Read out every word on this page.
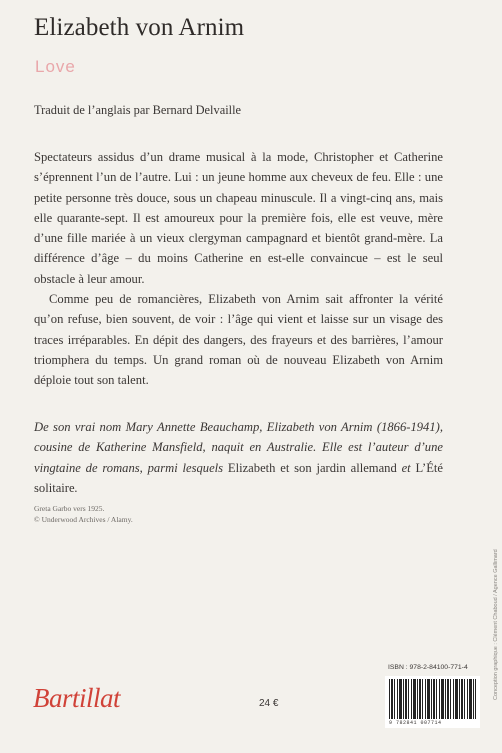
Elizabeth von Arnim
Love
Traduit de l’anglais par Bernard Delvaille

Spectateurs assidus d’un drame musical à la mode, Christopher et Catherine s’éprennent l’un de l’autre. Lui : un jeune homme aux cheveux de feu. Elle : une petite personne très douce, sous un chapeau minuscule. Il a vingt-cinq ans, mais elle quarante-sept. Il est amoureux pour la première fois, elle est veuve, mère d’une fille mariée à un vieux clergyman campagnard et bientôt grand-mère. La différence d’âge – du moins Catherine en est-elle convaincue – est le seul obstacle à leur amour.

Comme peu de romancières, Elizabeth von Arnim sait affronter la vérité qu’on refuse, bien souvent, de voir : l’âge qui vient et laisse sur un visage des traces irréparables. En dépit des dangers, des frayeurs et des barrières, l’amour triomphera du temps. Un grand roman où de nouveau Elizabeth von Arnim déploie tout son talent.

De son vrai nom Mary Annette Beauchamp, Elizabeth von Arnim (1866-1941), cousine de Katherine Mansfield, naquit en Australie. Elle est l’auteur d’une vingtaine de romans, parmi lesquels Elizabeth et son jardin allemand et L’Été solitaire.
Greta Garbo vers 1925.
© Underwood Archives / Alamy.
Conception graphique : Clément Chaboud / Agence Gallimard
ISBN : 978-2-84100-771-4
9 782841 007714
Bartillat	24 €
